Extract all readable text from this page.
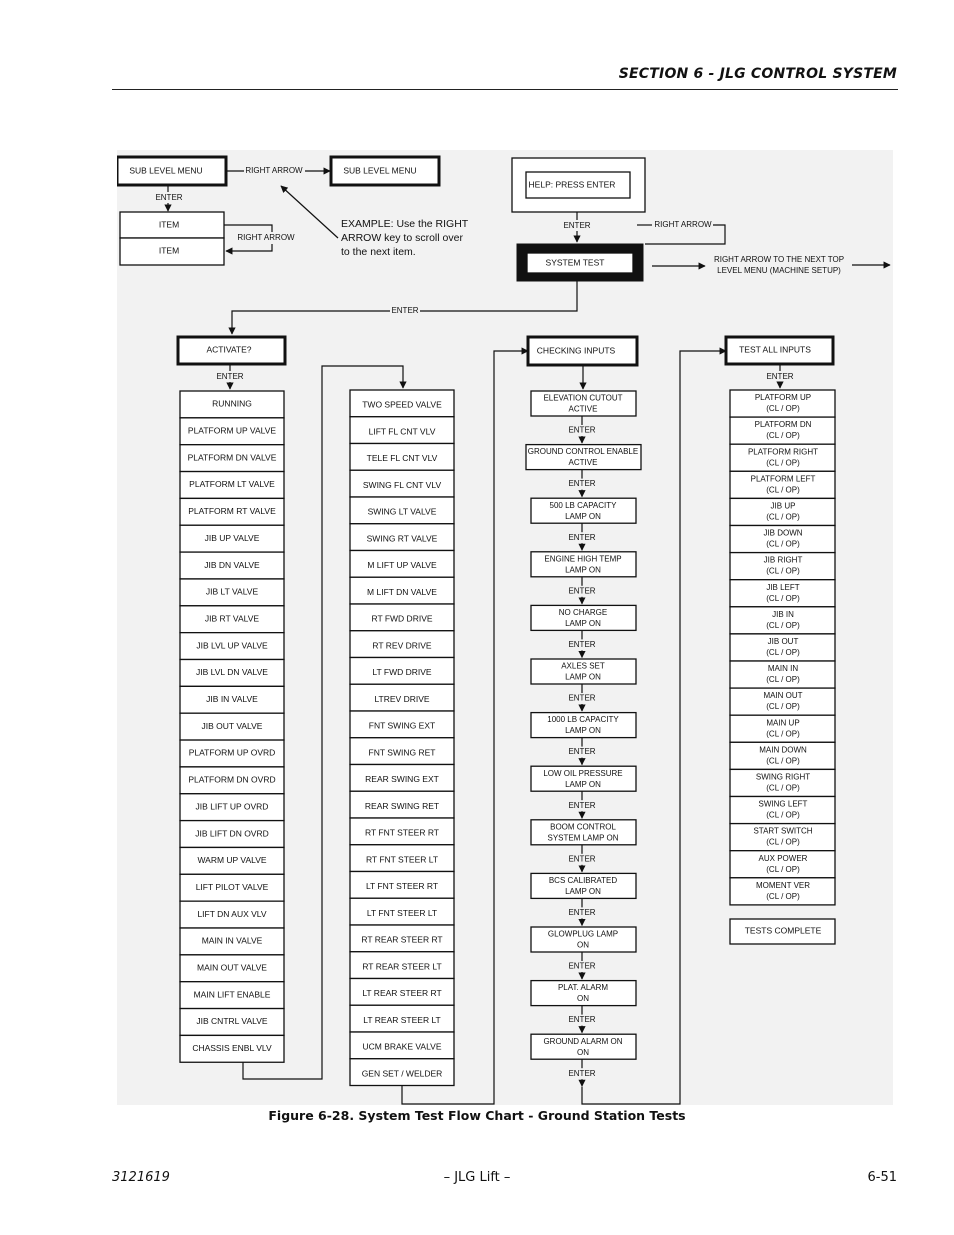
SECTION 6 - JLG CONTROL SYSTEM
SUB LEVEL MENU	SUB LEVEL MENU
RIGHT ARROW
ENTER
ITEM
ITEM
RIGHT ARROW
EXAMPLE: Use the RIGHT
ARROW key to scroll over
to the next item.
HELP: PRESS ENTER
ENTER	RIGHT ARROW
SYSTEM TEST	RIGHT ARROW TO THE NEXT TOP
LEVEL MENU (MACHINE SETUP)
ENTER
ACTIVATE?
ENTER
RUNNING
PLATFORM UP VALVE
PLATFORM DN VALVE
PLATFORM LT VALVE
PLATFORM RT VALVE
JIB UP VALVE
JIB DN VALVE
JIB LT VALVE
JIB RT VALVE
JIB LVL UP VALVE
JIB LVL DN VALVE
JIB IN VALVE
JIB OUT VALVE
PLATFORM UP OVRD
PLATFORM DN OVRD
JIB LIFT UP OVRD
JIB LIFT DN OVRD
WARM UP VALVE
LIFT PILOT VALVE
LIFT DN AUX VLV
MAIN IN VALVE
MAIN OUT VALVE
MAIN LIFT ENABLE
JIB CNTRL VALVE
CHASSIS ENBL VLV
TWO SPEED VALVE
LIFT FL CNT VLV
TELE FL CNT VLV
SWING FL CNT VLV
SWING LT VALVE
SWING RT VALVE
M LIFT UP VALVE
M LIFT DN VALVE
RT FWD DRIVE
RT REV DRIVE
LT FWD DRIVE
LTREV DRIVE
FNT SWING EXT
FNT SWING RET
REAR SWING EXT
REAR SWING RET
RT FNT STEER RT
RT FNT STEER LT
LT FNT STEER RT
LT FNT STEER LT
RT REAR STEER RT
RT REAR STEER LT
LT REAR STEER RT
LT REAR STEER LT
UCM BRAKE VALVE
GEN SET / WELDER
CHECKING INPUTS
ELEVATION CUTOUT
ACTIVE
ENTER
GROUND CONTROL ENABLE
ACTIVE
ENTER
500 LB CAPACITY
LAMP ON
ENTER
ENGINE HIGH TEMP
LAMP ON
ENTER
NO CHARGE
LAMP ON
ENTER
AXLES SET
LAMP ON
ENTER
1000 LB CAPACITY
LAMP ON
ENTER
LOW OIL PRESSURE
LAMP ON
ENTER
BOOM CONTROL
SYSTEM LAMP ON
ENTER
BCS CALIBRATED
LAMP ON
ENTER
GLOWPLUG LAMP
ON
ENTER
PLAT. ALARM
ON
ENTER
GROUND ALARM ON
ON
ENTER
TEST ALL INPUTS
ENTER
PLATFORM UP
(CL / OP)
PLATFORM DN
(CL / OP)
PLATFORM RIGHT
(CL / OP)
PLATFORM LEFT
(CL / OP)
JIB UP
(CL / OP)
JIB DOWN
(CL / OP)
JIB RIGHT
(CL / OP)
JIB LEFT
(CL / OP)
JIB IN
(CL / OP)
JIB OUT
(CL / OP)
MAIN IN
(CL / OP)
MAIN OUT
(CL / OP)
MAIN UP
(CL / OP)
MAIN DOWN
(CL / OP)
SWING RIGHT
(CL / OP)
SWING LEFT
(CL / OP)
START SWITCH
(CL / OP)
AUX POWER
(CL / OP)
MOMENT VER
(CL / OP)
TESTS COMPLETE
Figure 6-28. System Test Flow Chart - Ground Station Tests
3121619	– JLG Lift –	6-51
